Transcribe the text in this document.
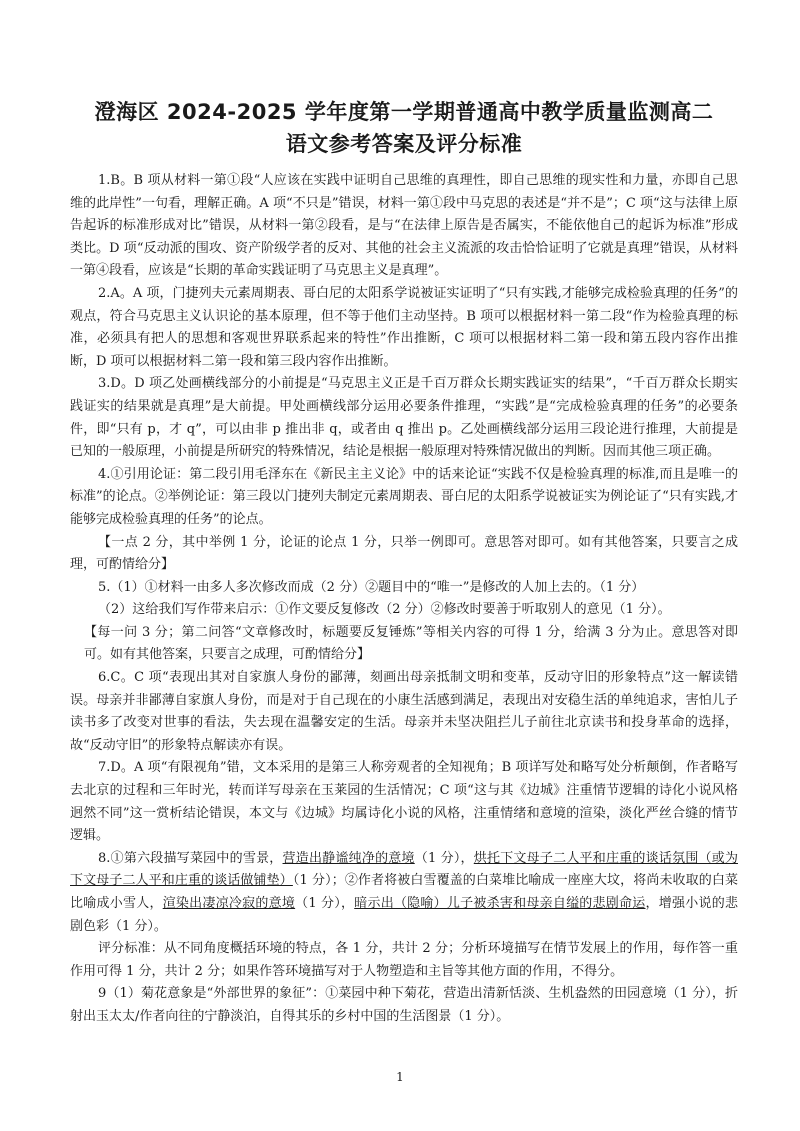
澄海区 2024-2025 学年度第一学期普通高中教学质量监测高二
语文参考答案及评分标准

1.B。B 项从材料一第①段“人应该在实践中证明自己思维的真理性，即自己思维的现实性和力量，亦即自己思维的此岸性”一句看，理解正确。A 项“不只是”错误，材料一第①段中马克思的表述是“并不是”；C 项“这与法律上原告起诉的标准形成对比”错误，从材料一第②段看，是与“在法律上原告是否属实，不能依他自己的起诉为标准”形成类比。D 项“反动派的围攻、资产阶级学者的反对、其他的社会主义流派的攻击恰恰证明了它就是真理”错误，从材料一第④段看，应该是“长期的革命实践证明了马克思主义是真理”。

2.A。A 项，门捷列夫元素周期表、哥白尼的太阳系学说被证实证明了“只有实践,才能够完成检验真理的任务”的观点，符合马克思主义认识论的基本原理，但不等于他们主动坚持。B 项可以根据材料一第二段“作为检验真理的标准，必须具有把人的思想和客观世界联系起来的特性”作出推断，C 项可以根据材料二第一段和第五段内容作出推断，D 项可以根据材料二第一段和第三段内容作出推断。

3.D。D 项乙处画横线部分的小前提是“马克思主义正是千百万群众长期实践证实的结果”，“千百万群众长期实践证实的结果就是真理”是大前提。甲处画横线部分运用必要条件推理，“实践”是“完成检验真理的任务”的必要条件，即“只有 p，才 q”，可以由非 p 推出非 q，或者由 q 推出 p。乙处画横线部分运用三段论进行推理，大前提是已知的一般原理，小前提是所研究的特殊情况，结论是根据一般原理对特殊情况做出的判断。因而其他三项正确。

4.①引用论证：第二段引用毛泽东在《新民主主义论》中的话来论证“实践不仅是检验真理的标准,而且是唯一的标准”的论点。②举例论证：第三段以门捷列夫制定元素周期表、哥白尼的太阳系学说被证实为例论证了“只有实践,才能够完成检验真理的任务”的论点。

【一点 2 分，其中举例 1 分，论证的论点 1 分，只举一例即可。意思答对即可。如有其他答案，只要言之成理，可酌情给分】

5.（1）①材料一由多人多次修改而成（2 分）②题目中的“唯一”是修改的人加上去的。（1 分）

（2）这给我们写作带来启示：①作文要反复修改（2 分）②修改时要善于听取别人的意见（1 分）。

【每一问 3 分；第二问答“文章修改时，标题要反复锤炼”等相关内容的可得 1 分，给满 3 分为止。意思答对即可。如有其他答案，只要言之成理，可酌情给分】

6.C。C 项“表现出其对自家旗人身份的鄙薄，刻画出母亲抵制文明和变革，反动守旧的形象特点”这一解读错误。母亲并非鄙薄自家旗人身份，而是对于自己现在的小康生活感到满足，表现出对安稳生活的单纯追求，害怕儿子读书多了改变对世事的看法，失去现在温馨安定的生活。母亲并未坚决阻拦儿子前往北京读书和投身革命的选择，故“反动守旧”的形象特点解读亦有误。

7.D。A 项“有限视角”错，文本采用的是第三人称旁观者的全知视角；B 项详写处和略写处分析颠倒，作者略写去北京的过程和三年时光，转而详写母亲在玉莱园的生活情况；C 项“这与其《边城》注重情节逻辑的诗化小说风格迥然不同”这一赏析结论错误，本文与《边城》均属诗化小说的风格，注重情绪和意境的渲染，淡化严丝合缝的情节逻辑。

8.①第六段描写菜园中的雪景，营造出静谧纯净的意境（1 分），烘托下文母子二人平和庄重的谈话氛围（或为下文母子二人平和庄重的谈话做铺垫）（1 分）；②作者将被白雪覆盖的白菜堆比喻成一座座大坟，将尚未收取的白菜比喻成小雪人，渲染出凄凉冷寂的意境（1 分），暗示出（隐喻）儿子被杀害和母亲自缢的悲剧命运，增强小说的悲剧色彩（1 分）。

评分标准：从不同角度概括环境的特点，各 1 分，共计 2 分；分析环境描写在情节发展上的作用，每作答一重作用可得 1 分，共计 2 分；如果作答环境描写对于人物塑造和主旨等其他方面的作用，不得分。

9（1）菊花意象是“外部世界的象征”：①菜园中种下菊花，营造出清新恬淡、生机盎然的田园意境（1 分），折射出玉太太/作者向往的宁静淡泊，自得其乐的乡村中国的生活图景（1 分）。

1
